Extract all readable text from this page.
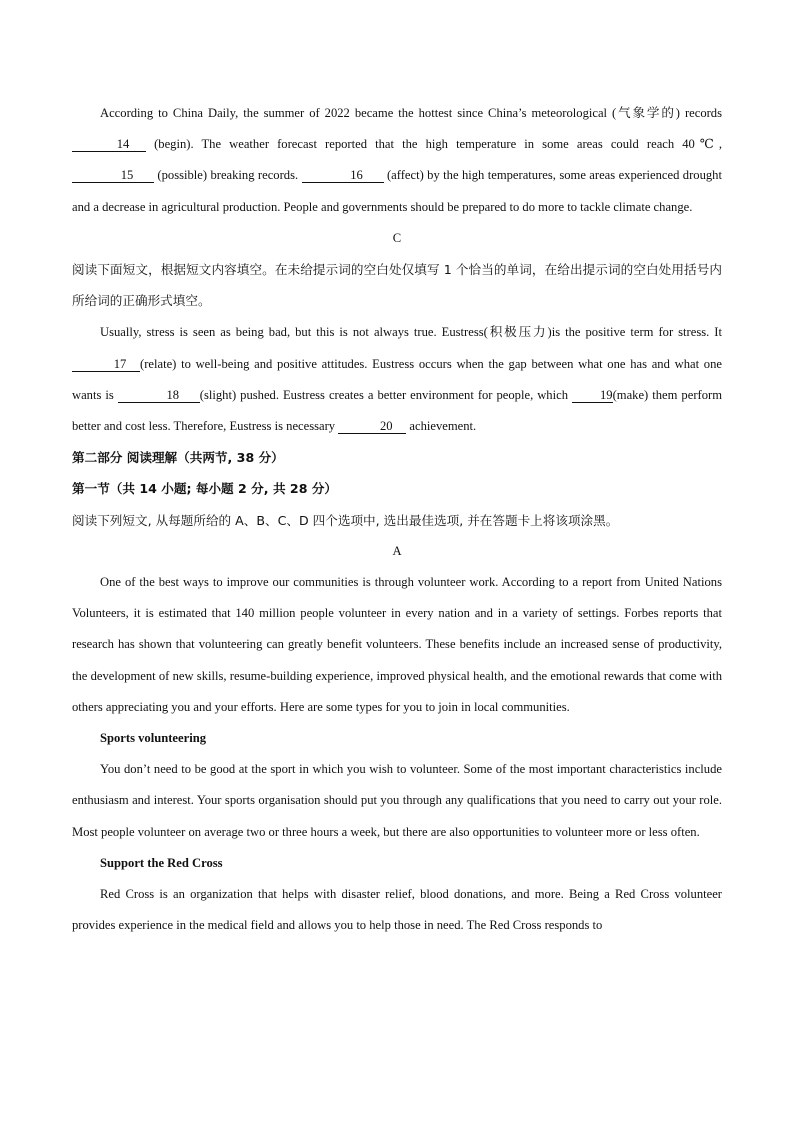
According to China Daily, the summer of 2022 became the hottest since China’s meteorological (气象学的) records 14 (begin). The weather forecast reported that the high temperature in some areas could reach 40℃, 15 (possible) breaking records.	16 (affect) by the high temperatures, some areas experienced drought and a decrease in agricultural production. People and governments should be prepared to do more to tackle climate change.

C

阅读下面短文，根据短文内容填空。在未给提示词的空白处仅填写 1 个恰当的单词，在给出提示词的空白处用括号内所给词的正确形式填空。

Usually, stress is seen as being bad, but this is not always true. Eustress(积极压力)is the positive term for stress. It 17 (relate) to well-being and positive attitudes. Eustress occurs when the gap between what one has and what one wants is	18 (slight) pushed. Eustress creates a better environment for people, which 19(make) them perform better and cost less. Therefore, Eustress is necessary	20 achievement.

第二部分 阅读理解（共两节, 38 分）

第一节（共 14 小题; 每小题 2 分, 共 28 分）

阅读下列短文, 从每题所给的 A、B、C、D 四个选项中, 选出最佳选项, 并在答题卡上将该项涂黑。

A

One of the best ways to improve our communities is through volunteer work. According to a report from United Nations Volunteers, it is estimated that 140 million people volunteer in every nation and in a variety of settings. Forbes reports that research has shown that volunteering can greatly benefit volunteers. These benefits include an increased sense of productivity, the development of new skills, resume-building experience, improved physical health, and the emotional rewards that come with others appreciating you and your efforts. Here are some types for you to join in local communities.

Sports volunteering

You don’t need to be good at the sport in which you wish to volunteer. Some of the most important characteristics include enthusiasm and interest. Your sports organisation should put you through any qualifications that you need to carry out your role. Most people volunteer on average two or three hours a week, but there are also opportunities to volunteer more or less often.

Support the Red Cross

Red Cross is an organization that helps with disaster relief, blood donations, and more. Being a Red Cross volunteer provides experience in the medical field and allows you to help those in need. The Red Cross responds to
